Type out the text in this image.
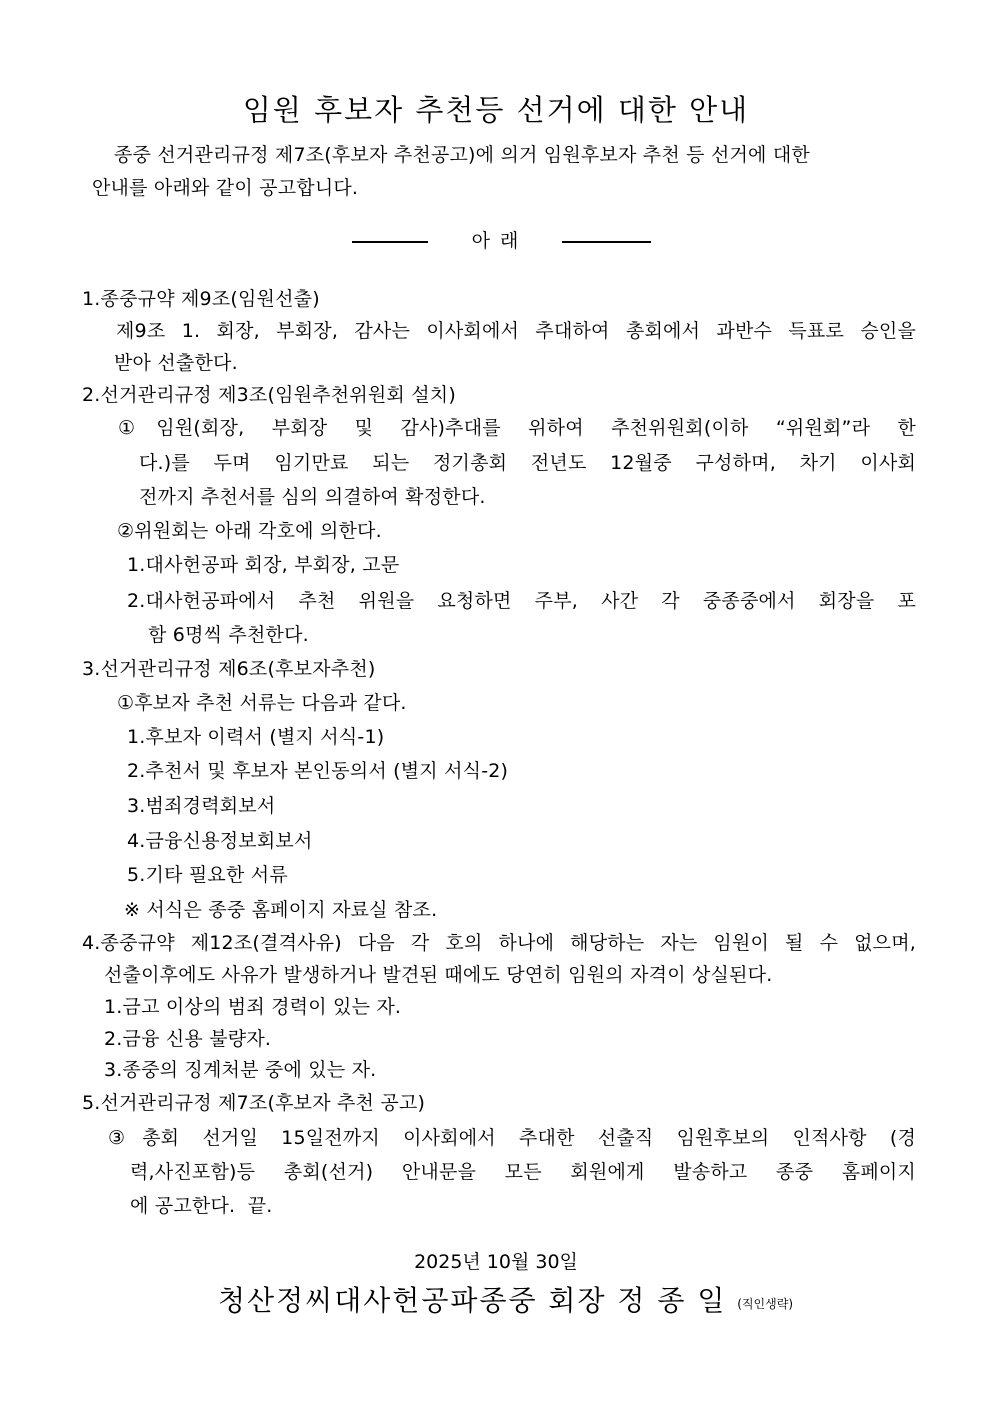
임원 후보자 추천등 선거에 대한 안내
종중 선거관리규정 제7조(후보자 추천공고)에 의거 임원후보자 추천 등 선거에 대한
안내를 아래와 같이 공고합니다.
아 래
1.종중규약 제9조(임원선출)
제9조 1. 회장, 부회장, 감사는 이사회에서 추대하여 총회에서 과반수 득표로 승인을
받아 선출한다.
2.선거관리규정 제3조(임원추천위원회 설치)
①임원(회장, 부회장 및 감사)추대를 위하여 추천위원회(이하 “위원회”라 한
다.)를 두며 임기만료 되는 정기총회 전년도 12월중 구성하며, 차기 이사회
전까지 추천서를 심의 의결하여 확정한다.
②위원회는 아래 각호에 의한다.
1.대사헌공파 회장, 부회장, 고문
2.대사헌공파에서 추천 위원을 요청하면 주부, 사간 각 중종중에서 회장을 포
함 6명씩 추천한다.
3.선거관리규정 제6조(후보자추천)
①후보자 추천 서류는 다음과 같다.
1.후보자 이력서 (별지 서식-1)
2.추천서 및 후보자 본인동의서 (별지 서식-2)
3.범죄경력회보서
4.금융신용정보회보서
5.기타 필요한 서류
※ 서식은 종중 홈페이지 자료실 참조.
4.종중규약 제12조(결격사유) 다음 각 호의 하나에 해당하는 자는 임원이 될 수 없으며,
선출이후에도 사유가 발생하거나 발견된 때에도 당연히 임원의 자격이 상실된다.
1.금고 이상의 범죄 경력이 있는 자.
2.금융 신용 불량자.
3.종중의 징계처분 중에 있는 자.
5.선거관리규정 제7조(후보자 추천 공고)
③총회 선거일 15일전까지 이사회에서 추대한 선출직 임원후보의 인적사항 (경
력,사진포함)등 총회(선거) 안내문을 모든 회원에게 발송하고 종중 홈페이지
에 공고한다.  끝.
2025년 10월 30일
청산정씨대사헌공파종중 회장 정 종 일 (직인생략)
